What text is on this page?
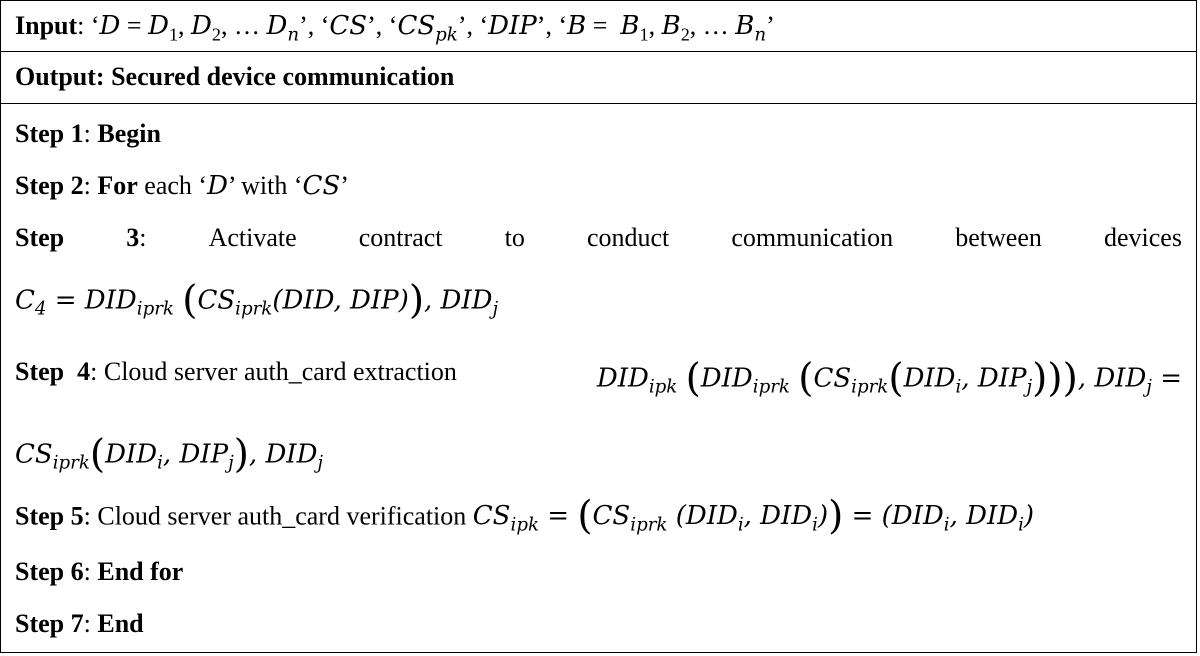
Input: ‘$D = D_1$, $D_2$, … $D_n$’, ‘CS’, ‘$CS_{pk}$’, ‘DIP’, ‘$B = B_1$, $B_2$, … $B_n$’
Output: Secured device communication
Step 1: Begin
Step 2: For each ‘D’ with ‘CS’
Step 3: Activate contract to conduct communication between devices
$C_4 = DID_{iprk}$ ($CS_{iprk}(DID$, DIP)), $DID_j$
Step 4: Cloud server auth_card extraction	$DID_{ipk}$ ($DID_{iprk}$ ($CS_{iprk}(DID_i$, $DIP_j$))), $DID_j$ =
$CS_{iprk}(DID_i$, $DIP_j$), $DID_j$
Step 5: Cloud server auth_card verification $CS_{ipk} = (CS_{iprk}$ ($DID_i$, $DID_i)) = (DID_i$, $DID_i$)
Step 6: End for
Step 7: End
